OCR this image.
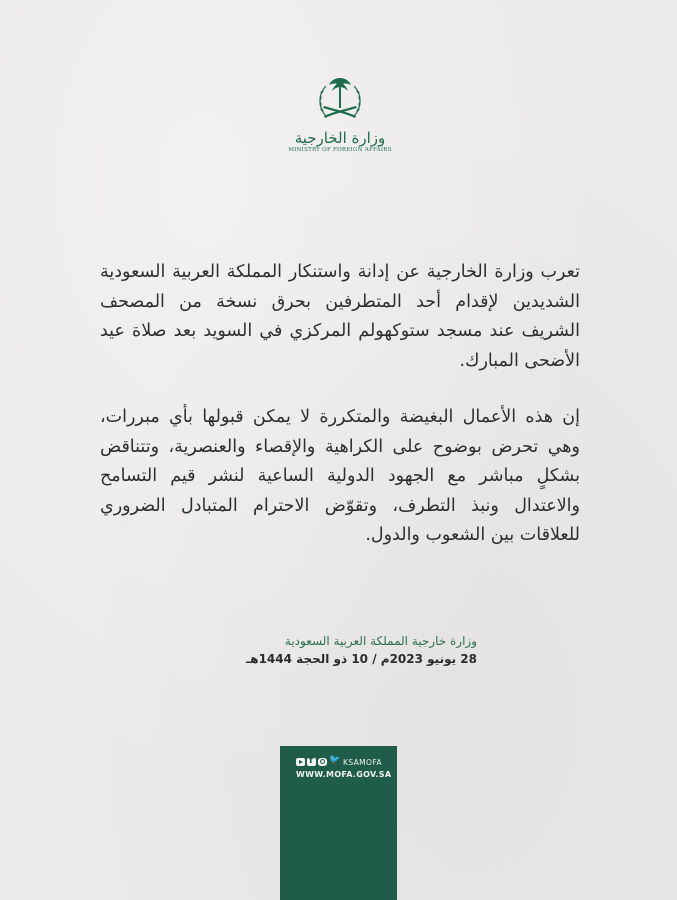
وزارة الخارجية
MINISTRY OF FOREIGN AFFAIRS
تعرب وزارة الخارجية عن إدانة واستنكار المملكة العربية السعودية الشديدين لإقدام أحد المتطرفين بحرق نسخة من المصحف الشريف عند مسجد ستوكهولم المركزي في السويد بعد صلاة عيد الأضحى المبارك.
إن هذه الأعمال البغيضة والمتكررة لا يمكن قبولها بأي مبررات، وهي تحرض بوضوح على الكراهية والإقصاء والعنصرية، وتتناقض بشكلٍ مباشر مع الجهود الدولية الساعية لنشر قيم التسامح والاعتدال ونبذ التطرف، وتقوّض الاحترام المتبادل الضروري للعلاقات بين الشعوب والدول.
وزارة خارجية المملكة العربية السعودية
28 يونيو 2023م / 10 ذو الحجة 1444هـ
f
🐦
KSAMOFA
WWW.MOFA.GOV.SA
